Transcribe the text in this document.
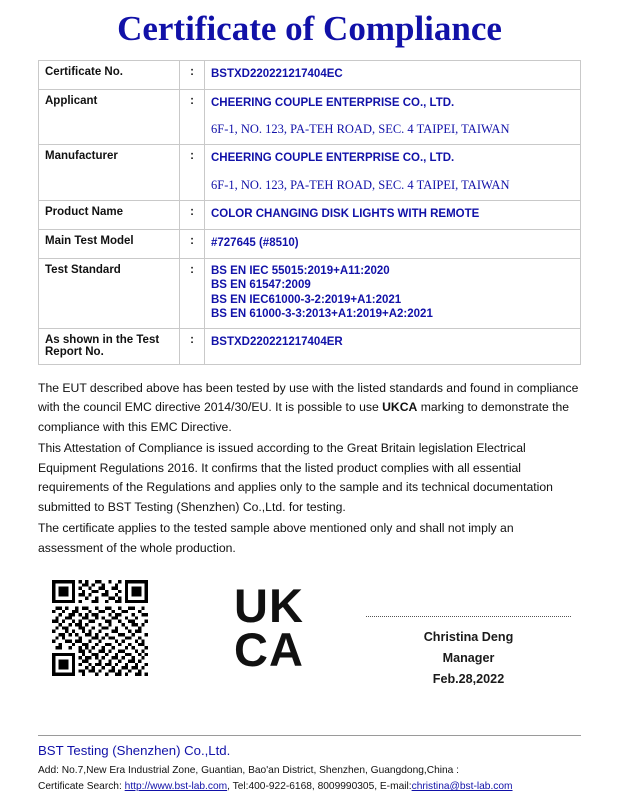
Certificate of Compliance
Certificate No.	:	BSTXD220221217404EC

Applicant	:	CHEERING COUPLE ENTERPRISE CO., LTD.
6F-1, NO. 123, PA-TEH ROAD, SEC. 4 TAIPEI, TAIWAN

Manufacturer	:	CHEERING COUPLE ENTERPRISE CO., LTD.
6F-1, NO. 123, PA-TEH ROAD, SEC. 4 TAIPEI, TAIWAN

Product Name	:	COLOR CHANGING DISK LIGHTS WITH REMOTE

Main Test Model	:	#727645 (#8510)

Test Standard	:	BS EN IEC 55015:2019+A11:2020
BS EN 61547:2009
BS EN IEC61000-3-2:2019+A1:2021
BS EN 61000-3-3:2013+A1:2019+A2:2021

As shown in the Test Report No.	:	BSTXD220221217404ER

The EUT described above has been tested by use with the listed standards and found in compliance with the council EMC directive 2014/30/EU. It is possible to use UKCA marking to demonstrate the compliance with this EMC Directive.

This Attestation of Compliance is issued according to the Great Britain legislation Electrical Equipment Regulations 2016. It confirms that the listed product complies with all essential requirements of the Regulations and applies only to the sample and its technical documentation submitted to BST Testing (Shenzhen) Co.,Ltd. for testing.

The certificate applies to the tested sample above mentioned only and shall not imply an assessment of the whole production.

UK
CA	Christina Deng
Manager
Feb.28,2022
BST Testing (Shenzhen) Co.,Ltd.
Add: No.7,New Era Industrial Zone, Guantian, Bao'an District, Shenzhen, Guangdong,China :
Certificate Search: http://www.bst-lab.com, Tel:400-922-6168, 8009990305, E-mail:christina@bst-lab.com
